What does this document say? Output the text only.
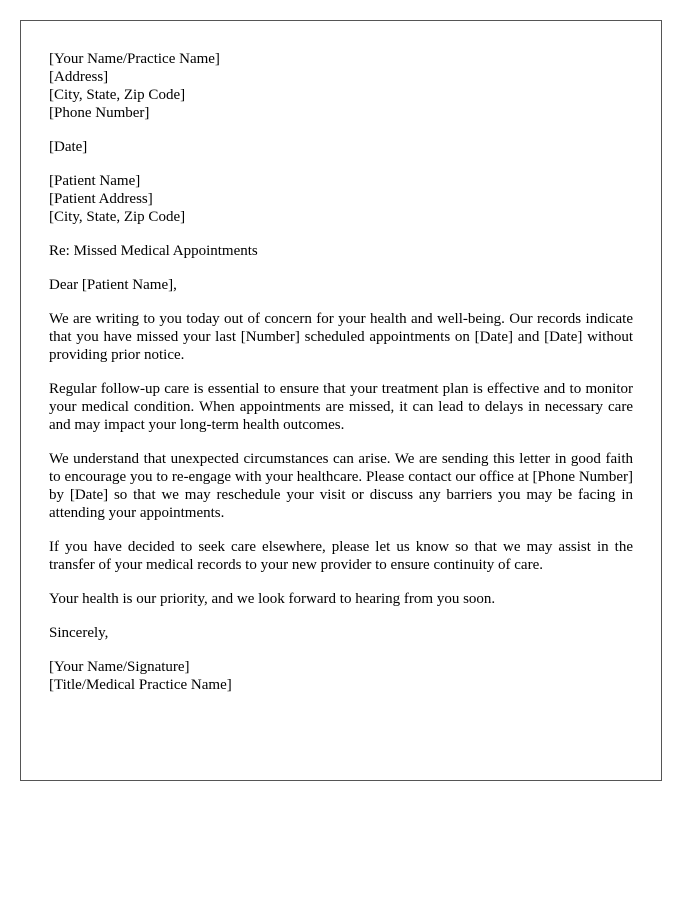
[Your Name/Practice Name]
[Address]
[City, State, Zip Code]
[Phone Number]
[Date]
[Patient Name]
[Patient Address]
[City, State, Zip Code]

Re: Missed Medical Appointments

Dear [Patient Name],

We are writing to you today out of concern for your health and well-being. Our records indicate that you have missed your last [Number] scheduled appointments on [Date] and [Date] without providing prior notice.

Regular follow-up care is essential to ensure that your treatment plan is effective and to monitor your medical condition. When appointments are missed, it can lead to delays in necessary care and may impact your long-term health outcomes.

We understand that unexpected circumstances can arise. We are sending this letter in good faith to encourage you to re-engage with your healthcare. Please contact our office at [Phone Number] by [Date] so that we may reschedule your visit or discuss any barriers you may be facing in attending your appointments.

If you have decided to seek care elsewhere, please let us know so that we may assist in the transfer of your medical records to your new provider to ensure continuity of care.

Your health is our priority, and we look forward to hearing from you soon.

Sincerely,

[Your Name/Signature]
[Title/Medical Practice Name]
